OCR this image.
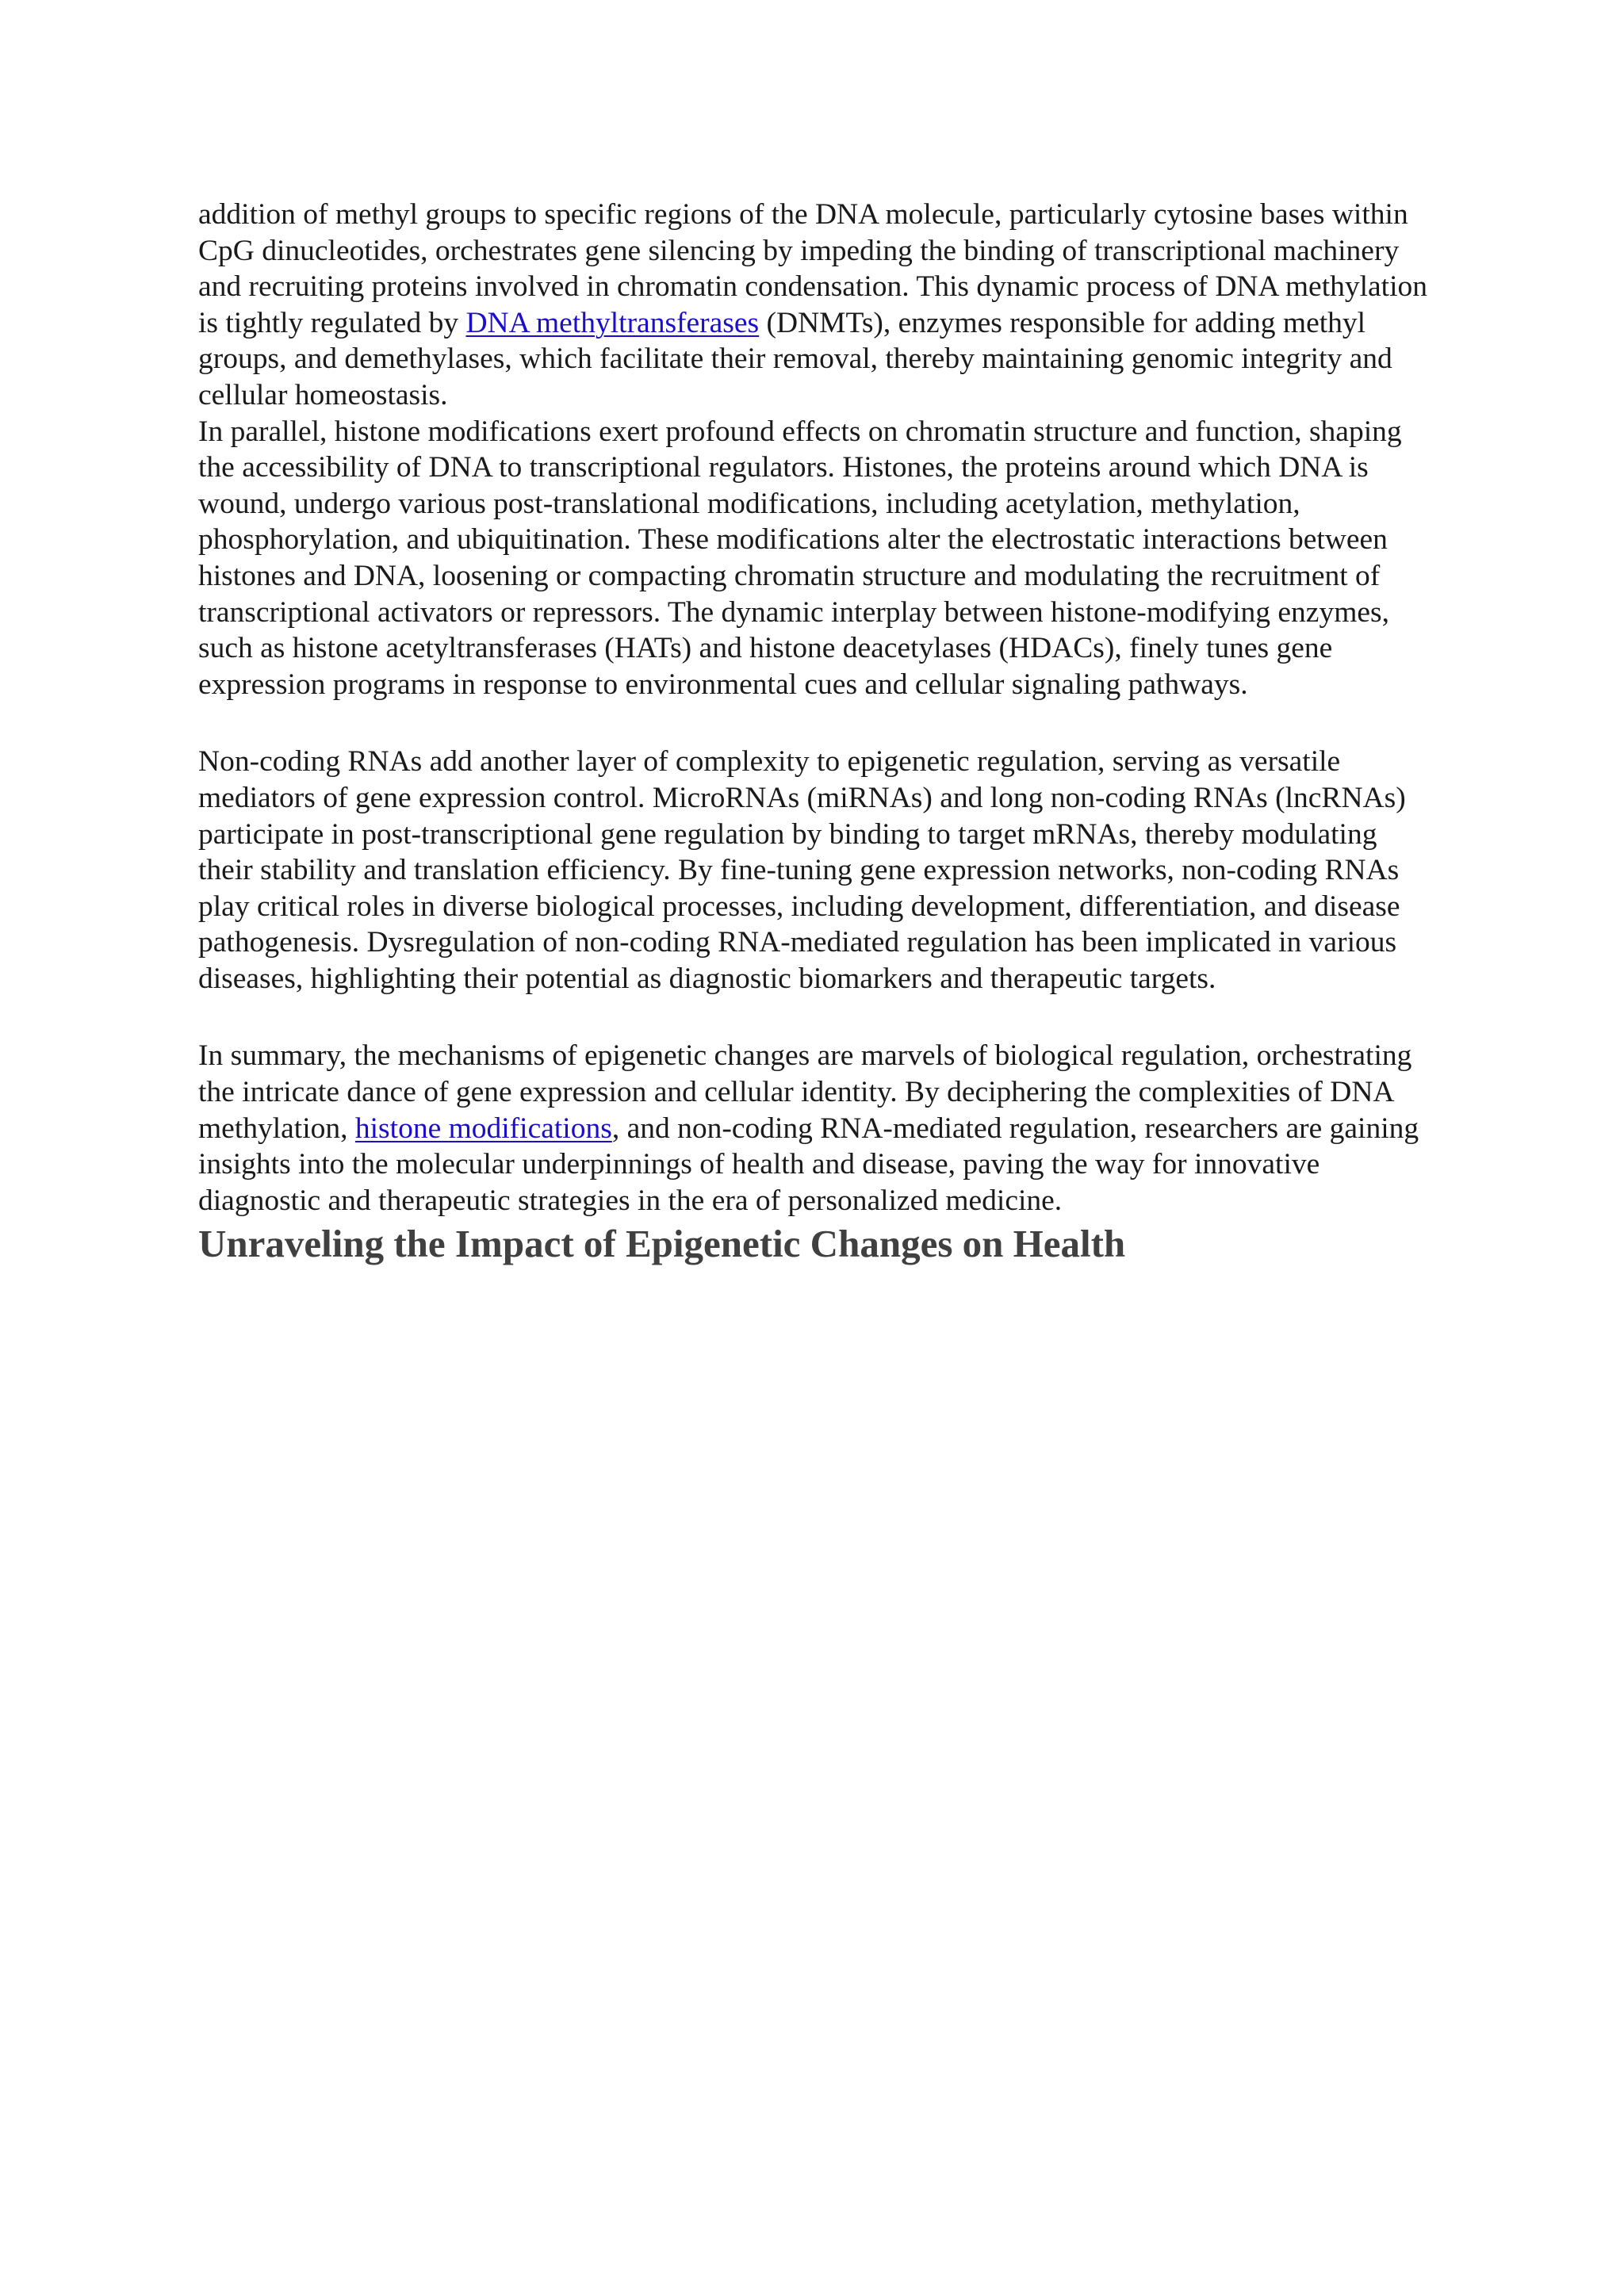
addition of methyl groups to specific regions of the DNA molecule, particularly cytosine bases within CpG dinucleotides, orchestrates gene silencing by impeding the binding of transcriptional machinery and recruiting proteins involved in chromatin condensation. This dynamic process of DNA methylation is tightly regulated by DNA methyltransferases (DNMTs), enzymes responsible for adding methyl groups, and demethylases, which facilitate their removal, thereby maintaining genomic integrity and cellular homeostasis.

In parallel, histone modifications exert profound effects on chromatin structure and function, shaping the accessibility of DNA to transcriptional regulators. Histones, the proteins around which DNA is wound, undergo various post-translational modifications, including acetylation, methylation, phosphorylation, and ubiquitination. These modifications alter the electrostatic interactions between histones and DNA, loosening or compacting chromatin structure and modulating the recruitment of transcriptional activators or repressors. The dynamic interplay between histone-modifying enzymes, such as histone acetyltransferases (HATs) and histone deacetylases (HDACs), finely tunes gene expression programs in response to environmental cues and cellular signaling pathways.

Non-coding RNAs add another layer of complexity to epigenetic regulation, serving as versatile mediators of gene expression control. MicroRNAs (miRNAs) and long non-coding RNAs (lncRNAs) participate in post-transcriptional gene regulation by binding to target mRNAs, thereby modulating their stability and translation efficiency. By fine-tuning gene expression networks, non-coding RNAs play critical roles in diverse biological processes, including development, differentiation, and disease pathogenesis. Dysregulation of non-coding RNA-mediated regulation has been implicated in various diseases, highlighting their potential as diagnostic biomarkers and therapeutic targets.

In summary, the mechanisms of epigenetic changes are marvels of biological regulation, orchestrating the intricate dance of gene expression and cellular identity. By deciphering the complexities of DNA methylation, histone modifications, and non-coding RNA-mediated regulation, researchers are gaining insights into the molecular underpinnings of health and disease, paving the way for innovative diagnostic and therapeutic strategies in the era of personalized medicine.

Unraveling the Impact of Epigenetic Changes on Health
